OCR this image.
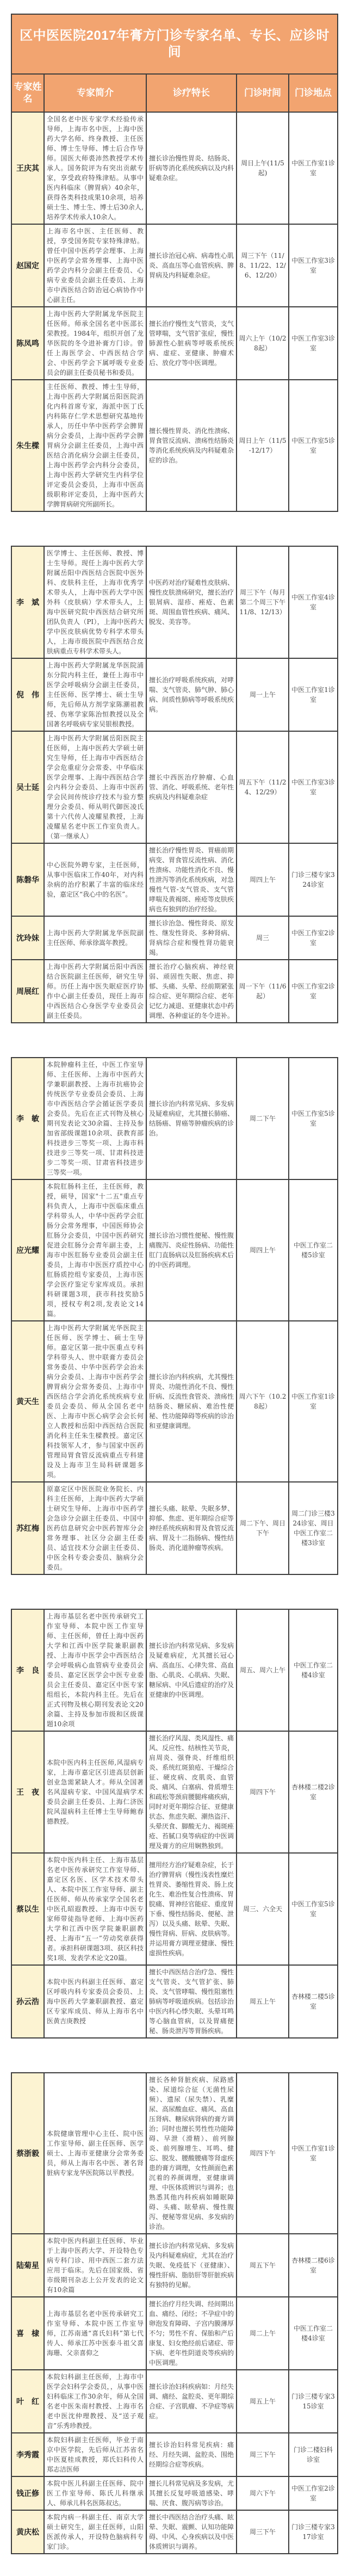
区中医医院2017年膏方门诊专家名单、专长、应诊时间				
专家姓名	专家简介	诊疗特长	门诊时间	门诊地点
王庆其	全国名老中医专家学术经验传承导师，上海市名中医，上海中医药大学名师、终身教授、主任医师、博士生导师、博士后合作导师。国医大师裘沛然教授学术传承人。国务院评为有突出贡献专家，享受政府特殊津贴。从事中医内科临床（脾胃病）40余年，获得各类科技成果10余项，培养硕士生、博士生、博士后30余人,培养学术传承人10余人。	擅长诊治慢性胃炎、结肠炎、肝病等消化系统疾病以及内科疑难杂症。	周日上午(11/5起)	中医工作室1诊室
赵国定	上海市名中医、主任医师、教授，享受国务院专家特殊津贴。曾任中国中医药学会理事、上海中医药学会常务理事、上海中医药学会内科分会副主任委员、心病专业委员会副主任委员、上海市中西医结合防治冠心病协作中心副主任。	擅长诊治冠心病、病毒性心肌炎、高血压等心血管疾病、脾胃病及内科疑难杂症。	周三下午（11/8、11/22、12/6、12/20）	中医工作室3诊室
陈凤鸣	上海中医药大学附属龙华医院主任医师。师承全国名老中医邵长荣教授。1984年，组织开创了龙华医院的冬令进补膏方门诊。曾任上海医学会、中西医结合学会、中医药学会下属呼吸专业委员会的副主任委员秘书和委员。	擅长治疗慢性支气管炎，支气管哮喘，支气管扩张症，慢性肺源性心脏病等呼吸系统疾病、虚症、亚健康、肿瘤术后、放化疗等中医调理。	周六上午（10/28起）	中医工作室3诊室
朱生樑	主任医师、教授、博士生导师，上海中医药大学附属岳阳医院消化内科首席专家，海派中医丁氏内科陈存仁学术思想研究基地传承人，历任中华中医药学会脾胃病分会委员，上海中医药学会脾胃病分会副主任委员，上海中西医结合消化病分会副主任委员，上海中医药学会内科分会委员，上海中医药大学研究生内科学位评定委员会委员，上海市中医高级职称评定委员，上海中医药大学脾胃病研究所副所长。	擅长慢性胃炎、消化性溃疡、胃食管反流病、溃疡性结肠炎等消化系统疾病及内科疑难杂症的诊治。	周日上午（11/5-12/17）	中医工作室5诊室
李　斌	医学博士、主任医师、教授、博士生导师。现任上海中医药大学附属岳阳中西医结合医院中医外科、皮肤科主任，上海市优秀学术带头人，上海中医药大学中医外科（皮肤病）学术带头人，上海中医研究院中西医结合研究所团队负责人（PI），上海中医药大学中医皮肤病优势专科学术带头人，上海市级医院中西医结合皮肤病重点专科学术带头人。	中医药对治疗疑难性皮肤病、慢性皮肤溃疡研究，擅长治疗银屑病、湿疹、痤疮、色素斑、周围血管性疾病、痛风、脱发、美容等。	周三下午（每月第二个周三下午11/8、12/13）	中医工作室4诊室
倪　伟	上海中医药大学附属龙华医院浦东分院内科主任，兼任上海市中医学会呼吸病分会副主任委员，主任医师、医学博士、硕士生导师，先后师从方剂学家陈潮祖教授、伤寒学家陈治恒教授以及全国著名呼吸病专家吴银根教授。	擅长治疗呼吸系统疾病，对哮喘、支气管炎、肺气肿、肺心病、间质性肺病等呼吸系统疾病。	周一上午	中医工作室1诊室
吴士延	上海中医药大学附属岳阳医院主任医师，上海中医药大学硕士研究生导师，任上海市中西医结合学会危重症分会常委、中华临床医学会理事、上海中西医结合学会内科分会委员、上海市中医药学会民间传统诊疗技术与验方整理分会委员、师从明代御医凌氏第十六代传人凌耀星教授，上海凌耀星名老中医工作室负责人。（第一继承人）	擅长中西医治疗肿瘤、心血管、消化、呼吸系统、老年性疾病及内科疑难杂症	周五下午（11/24、12/29）	中医工作室3诊室
陈磐华	中心医院外聘专家，主任医师，从事中医临床工作40年，对内科杂病的治疗积累了丰富的临床经验，嘉定区“我心中的名医”。	擅长治疗慢性胃炎、胃癌前期病变、胃食管反流性病、消化性溃疡、功能性消化不良、慢性泄泻等消化系统疾病，对急慢性气管-支气管炎、支气管哮喘及黄褐斑、痤疮等皮肤疾病也有独到的治疗经验。	周四上午	门诊三楼专家324诊室
沈玲妹	上海中医药大学附属龙华医院副主任医师、师承徐嵩年教授。	擅长诊治急、慢性肾炎、原发性、继发性肾炎、多种肾病、肾病综合症和慢性肾功能衰竭。	周三	中医工作室2诊室
周展红	上海中医药大学附属岳阳中西医结合医院副主任医师，研究生导师。历任上海中医失眠症医疗协作中心副主任委员，现任上海市中西医结合心身医学专业委员会副主任委员。	擅长治疗心脑疾病、神经衰弱、顽固性失眠、焦虑、抑郁、头痛、头晕、经前期紧张综合症、更年期综合症、老年记忆力减退、亚健康状态中药调理、各种虚证的冬令进补。	周一下午（11/6起）	中医工作室2诊室
李　敏	本院肿瘤科主任，中医工作室导师、主任医师、上海市中医药大学兼职副教授、上海市抗癌协会传统医学专业委员会委员、上海市中西医结合学会循证医学委员会委员。先后在正式刊物及核心期刊发表论文30余篇、主持及参加省部级课题10余项、获教育部科技进步三等奖一项、上海市科技进步三等奖一项、甘肃科技进步二等奖一项、甘肃省科技进步三等奖一项。	擅长诊治内科常见病、多发病及疑难病症，尤其擅长肺癌、结肠癌、胃癌等肿瘤疾病的诊治。	周二下午	中医工作室5诊室
应光耀	本院肛肠科主任，主任医师，教授，硕导，国家"十二五"重点专科负责人，上海市中医临床重点学科带头人，中华中医药学会肛肠分会常务理事，中国医师协会肛肠分会委员，中国中医药研究促进会肛肠分会青年副主委，上海市中医肛肠专业委员会副主任委员，上海市中医医疗质控中心肛肠质控组专家委员，上海市医学会医疗鉴定专家库成员。承担科研课题3项，获市科技奖励5项，授权专利2项,发表论文14篇。	擅长诊治习惯性便秘、慢性腹痛腹泻、炎症性肠病、功能性肛门直肠病以及肛肠疾病术后的中医药调理。	周四上午	中医工作室二楼5诊室
黄天生	上海中医药大学附属光华医院主任医师、医学博士、硕士生导师。嘉定区第一批中医重点专科学科带头人、世中联膏方委员会常务委员、中华中医药学会治未病分会委员、上海市中医药学会脾胃病分会常务委员、上海市中西医结合学会消化系统疾病专业委员会委员、师从全国名老中医、上海市中医心病学会会长何立人教授和岳阳中西医结合医院消化科主任朱生樑教授。嘉定区科技领军人才，参与国家中医药管理局胃食管反流病重点专科建设及上海市卫生局科研课题多项。	擅长诊治内科疾病，尤其慢性胃炎、功能性消化不良、慢性肝病、反流性食管炎、溃疡性结肠炎、糖尿病、难治性便秘、性功能障碍等疾病的诊治和亚健康调理。	周六下午（10.28起）	中医工作室1诊室
苏红梅	原嘉定区中医医院业务院长、内科主任医师，上海中医药大学硕士研究生导师、上海市中医药学会急诊分会副主任委员、中国中医药信息研究会中医药智库分会常务理事、社区分会副主任委员、适宜技术分会副主任委员、中医全科专委会委员、脑病分会委员。	擅长头痛、眩晕、失眠多梦、抑郁、焦虑、更年期综合症等神经系统疾病和胃及食管反流病、胃及十二指肠病、慢性结肠炎、消化道肿瘤等疾病。	周二下午、周日下午	周二门诊三楼324诊室、周日中医工作室二楼3诊室
李　良	上海市基层名老中医传承研究工作室导师、本院中医工作室导师、主任医师，曾任上海中医药大学和江西中医学院兼职副教授、上海市中医学会中西医结合学会呼吸病心血管病专业委员会委员、嘉定区医学会中医专业委员会主任委员、嘉定区中医专家组组长，本院内科主任。先后在正式刊物及核心期刊发表论文20余篇、主持及参加市级和区级课题10余项	擅长诊治内科常见病、多发病及疑难病症，尤其擅长冠心病、高血压、心律失常、高血脂、心肌炎、心肌病、失眠、糖尿病、中风后遗症的治疗及亚健康的中医调理。	周五、周六上午	中医工作室二楼4诊室
王　夜	本院中医内科主任医师,风湿病专家，上海市嘉定区引进高层创新创业急需紧缺人才。师从全国著名风湿病专家、中国风湿病学术委员会副主任委员、上海仁济医院风湿病科主任博士生导师鲍春德教授。	擅长治疗风湿、类风湿性、痛风、反应性、结核性关节炎，肩周炎、强脊炎、纤维组织炎、系统红斑狼疮、干燥综合征、硬皮病、皮肌炎、血管炎、痛风、白塞病、骨质增生和疏松等颈肩腰腿疼痛疾病，同时对更年期综合征、亚健康状态、焦虑失眠、潮热盗汗、头晕厌食、脚酸无力、褐斑痤疮、苔腻口臭等病症的中医调理及膏方的应用娴熟独到。	周四下午	杏林楼二楼2诊室
蔡以生	本院中医内科主任、上海市基层名老中医传承研究工作室导师、嘉定区名医、区学术技术带头人、本院中医工作室导师、副主任医师、师从传承家学全国名老中医孔昭遐教授、上海市中医专家师带徒指导老师、上海中医药大学和江西中医学院兼职副教授、上海市“五一”劳动奖章获得者。承担科研课题3项、获区科技奖1项、发表学术论文20篇。	擅用经方治疗疑难杂症，长于治疗脾胃病（慢性浅表性糜烂性胃炎、萎缩性胃炎、肠上皮化生、难治性复合性溃疡、胃脘痛、胃神经官能症、重度胃下垂、慢性结肠炎、便秘、泄泻）以及头痛、眩晕、失眠、慢性肾病、肝病、皮肤病等。并运用膏方调理亚健康、慢性虚损性疾病。	周三、六全天	中医工作室5诊室
孙云浩	本院中医内科副主任医师、嘉定区呼吸内科专家委员会委员、上海中医药大学兼职副教授、嘉定区专家库成员、师从上海市名中医黄吉庚教授	擅长中西医结合治疗急、慢性支气管炎、支气管扩张、肺炎、支气管哮喘、慢性阻塞性肺病等呼吸道疾病。包括诊治中医内科心悸失眠、头晕耳鸣等心脑血管病，以及胃痛便秘、肠炎泄泻等胃肠疾病。	周五上午	杏林楼二楼5诊室
蔡浙毅	本院健康管理中心主任、院中医工作室导师、副主任医师、医学硕士、上海市亚健康分会常务委员，师从上海市名中医、著名肾脏病专家龙华医院陈以平教授。	擅长各种肾脏疾病、尿路感染、尿道综合征（无菌性尿频）、遗尿（尿失禁）、乳糜尿、高尿酸血症、痛风、高血压肾病、糖尿病肾病的膏方调治；同时也擅长男性性功能障碍、早泄（滑精）、前列腺炎、前列腺增生、耳鸣、健忘、脱发、腰酸腰痛等肾虚疾患的膏方调理，女性颜面色素沉着的养颜调理，亚健康调理、中医体质辨识与调养；也熟悉其他内科疾病如睡眠障碍、头痛、眩晕病、慢性腹泻、便秘等常见病、多发病的诊治。	周四下午	中医工作室1诊室
陆菊星	本院中医内科副主任医师、毕业于上海中医药大学、开设特色专病专科门诊、用中西医二套方法应用于临床。先后在国家级、省市级期刊杂志上公开发表的论文有10余篇	擅长诊治内科常见病、多发病及内科疑难病症，尤其在治疗失眠、免疫低下（亚健康）、慢性肝病、脂肪肝等肝脏疾病有独特的见解。	周五下午	杏林楼二楼6诊室
喜　棣	上海市基层名老中医传承研究工作室导师、本院中医工作室导师，江苏南通“喜氏妇科”第七代传人、师承江苏中医泰斗祖父喜海珊、父亲喜仰之	擅长治疗月经失调、经间期出血、痛经、闭经；不孕症中的卵泡发育障碍、子宫内膜薄厚不匀；男性不育、保胎和产后康复、妇女绝经前后诸症、带下病、老年性阴道炎等疾病的中医调理。	周二上午	中医工作室二楼4诊室
叶　红	本院妇科副主任医师，上海市中医学会妇科学会委员，，从事中医妇科临床工作30余年，师从全国名老中医朱南村教授、上海市名老中医沈仲理教授、及“送子观音”乐秀珍教授。	擅长诊治妇科疾病如：月经失调、痛经、盆腔炎、更年期综合症、子宫肌瘤、不孕症等病症。	周五上午	门诊三楼专家315诊室
李秀霞	本院妇科副主任医师，毕业于南京中医学院，先后师从江苏省名中医夏桂成教授，郑氏妇科传人郑志洁医师	擅长诊治妇科常见疾病：痛经、月经失调、盆腔炎、围绝经期综合症等疾病。	周三下午	门诊二楼妇科诊室
钱正修	本院中医儿科副主任医师、院中医工作室导师、陈氏儿科继承人、师承儿科名医陈叔达。	擅长儿科常见病及多发病，尤其擅长反复呼吸道感染、哮喘、厌食、腹泻病等诊治。	周六下午	中医工作室2诊室
黄庆松	本院内病一科副主任、南京大学硕士研究生，副主任医师，山阳医派传承人，开设特色脑病科专家门诊。	擅长中西医结合治疗头痛、眩晕、失眠、震颤、认知功能障碍、中风、心身疾病以及中医体质辨识与调养。	周三下午	门诊三楼专家317诊室
